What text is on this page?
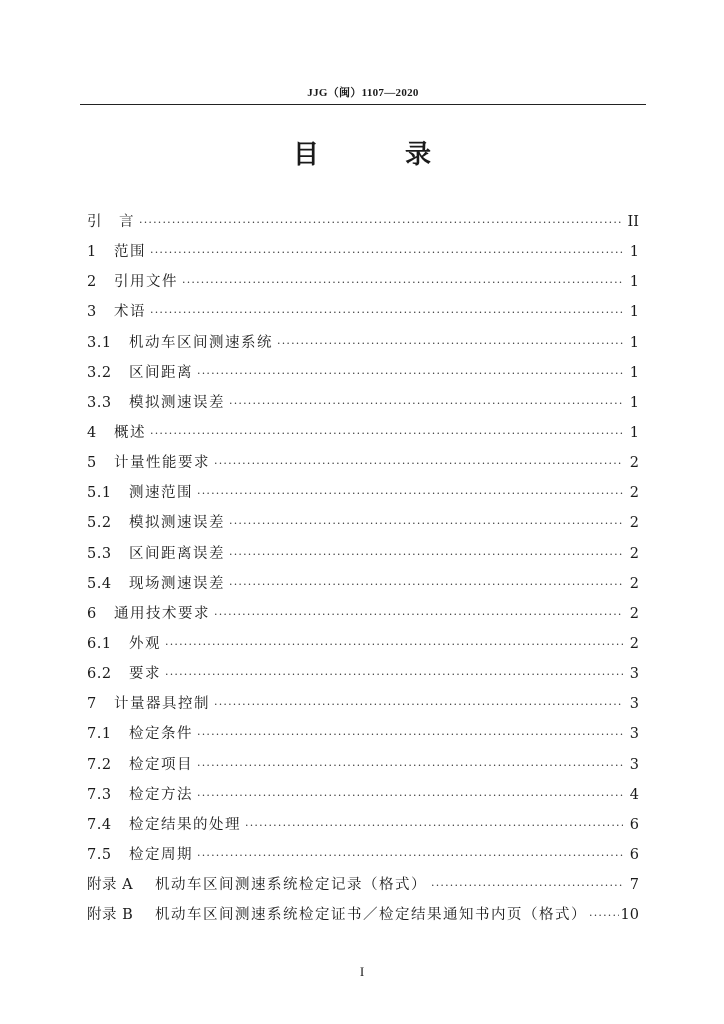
JJG（闽）1107—2020
目　录
引　言 ·····	II
1	范围 ·····	1
2	引用文件 ·····	1
3	术语 ·····	1
3.1	机动车区间测速系统 ·····	1
3.2	区间距离 ·····	1
3.3	模拟测速误差 ·····	1
4	概述 ·····	1
5	计量性能要求 ·····	2
5.1	测速范围 ·····	2
5.2	模拟测速误差 ·····	2
5.3	区间距离误差 ·····	2
5.4	现场测速误差 ·····	2
6	通用技术要求 ·····	2
6.1	外观 ·····	2
6.2	要求 ·····	3
7	计量器具控制 ·····	3
7.1	检定条件 ·····	3
7.2	检定项目 ·····	3
7.3	检定方法 ·····	4
7.4	检定结果的处理 ·····	6
7.5	检定周期 ·····	6
附录 A	机动车区间测速系统检定记录（格式） ·····	7
附录 B	机动车区间测速系统检定证书／检定结果通知书内页（格式） ····· 10
I
